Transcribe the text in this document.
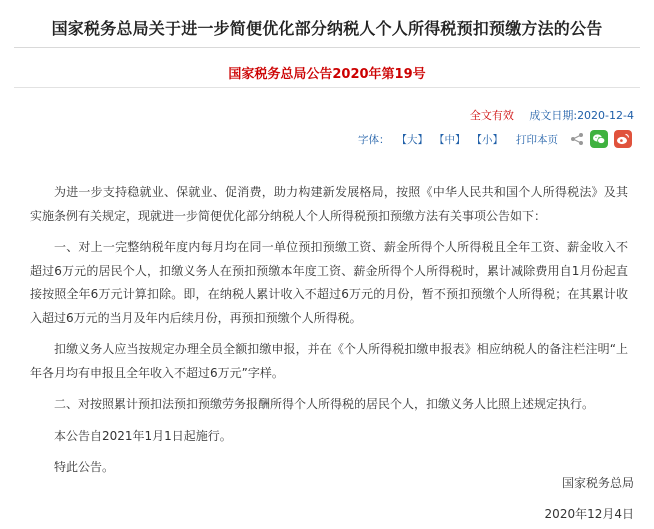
国家税务总局关于进一步简便优化部分纳税人个人所得税预扣预缴方法的公告
国家税务总局公告2020年第19号
全文有效 成文日期:2020-12-4
字体： 【大】 【中】 【小】 打印本页

为进一步支持稳就业、保就业、促消费，助力构建新发展格局，按照《中华人民共和国个人所得税法》及其实施条例有关规定，现就进一步简便优化部分纳税人个人所得税预扣预缴方法有关事项公告如下：

一、对上一完整纳税年度内每月均在同一单位预扣预缴工资、薪金所得个人所得税且全年工资、薪金收入不超过6万元的居民个人，扣缴义务人在预扣预缴本年度工资、薪金所得个人所得税时，累计减除费用自1月份起直接按照全年6万元计算扣除。即，在纳税人累计收入不超过6万元的月份，暂不预扣预缴个人所得税；在其累计收入超过6万元的当月及年内后续月份，再预扣预缴个人所得税。

扣缴义务人应当按规定办理全员全额扣缴申报，并在《个人所得税扣缴申报表》相应纳税人的备注栏注明“上年各月均有申报且全年收入不超过6万元”字样。

二、对按照累计预扣法预扣预缴劳务报酬所得个人所得税的居民个人，扣缴义务人比照上述规定执行。

本公告自2021年1月1日起施行。

特此公告。

国家税务总局
2020年12月4日
